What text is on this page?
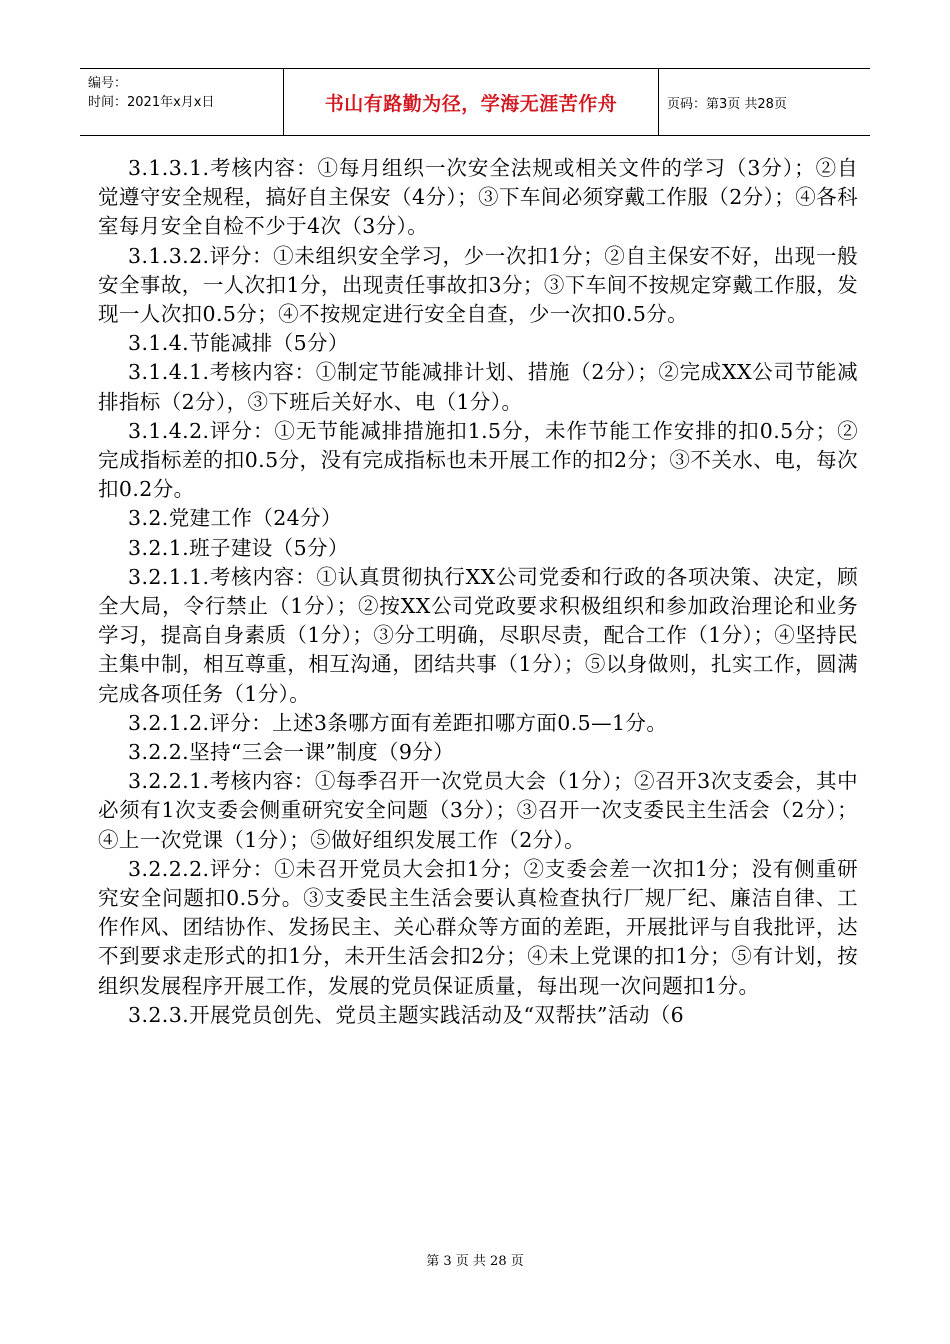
编号：
时间：2021年x月x日	书山有路勤为径，学海无涯苦作舟	页码：第3页 共28页

3.1.3.1.考核内容：①每月组织一次安全法规或相关文件的学习（3分）；②自觉遵守安全规程，搞好自主保安（4分）；③下车间必须穿戴工作服（2分）；④各科室每月安全自检不少于4次（3分）。

3.1.3.2.评分：①未组织安全学习，少一次扣1分；②自主保安不好，出现一般安全事故，一人次扣1分，出现责任事故扣3分；③下车间不按规定穿戴工作服，发现一人次扣0.5分；④不按规定进行安全自查，少一次扣0.5分。

3.1.4.节能减排（5分）

3.1.4.1.考核内容：①制定节能减排计划、措施（2分）；②完成XX公司节能减排指标（2分），③下班后关好水、电（1分）。

3.1.4.2.评分：①无节能减排措施扣1.5分，未作节能工作安排的扣0.5分；②完成指标差的扣0.5分，没有完成指标也未开展工作的扣2分；③不关水、电，每次扣0.2分。

3.2.党建工作（24分）

3.2.1.班子建设（5分）

3.2.1.1.考核内容：①认真贯彻执行XX公司党委和行政的各项决策、决定，顾全大局，令行禁止（1分）；②按XX公司党政要求积极组织和参加政治理论和业务学习，提高自身素质（1分）；③分工明确，尽职尽责，配合工作（1分）；④坚持民主集中制，相互尊重，相互沟通，团结共事（1分）；⑤以身做则，扎实工作，圆满完成各项任务（1分）。

3.2.1.2.评分：上述3条哪方面有差距扣哪方面0.5—1分。

3.2.2.坚持“三会一课”制度（9分）

3.2.2.1.考核内容：①每季召开一次党员大会（1分）；②召开3次支委会，其中必须有1次支委会侧重研究安全问题（3分）；③召开一次支委民主生活会（2分）；④上一次党课（1分）；⑤做好组织发展工作（2分）。

3.2.2.2.评分：①未召开党员大会扣1分；②支委会差一次扣1分；没有侧重研究安全问题扣0.5分。③支委民主生活会要认真检查执行厂规厂纪、廉洁自律、工作作风、团结协作、发扬民主、关心群众等方面的差距，开展批评与自我批评，达不到要求走形式的扣1分，未开生活会扣2分；④未上党课的扣1分；⑤有计划，按组织发展程序开展工作，发展的党员保证质量，每出现一次问题扣1分。

3.2.3.开展党员创先、党员主题实践活动及“双帮扶”活动（6

第 3 页 共 28 页
